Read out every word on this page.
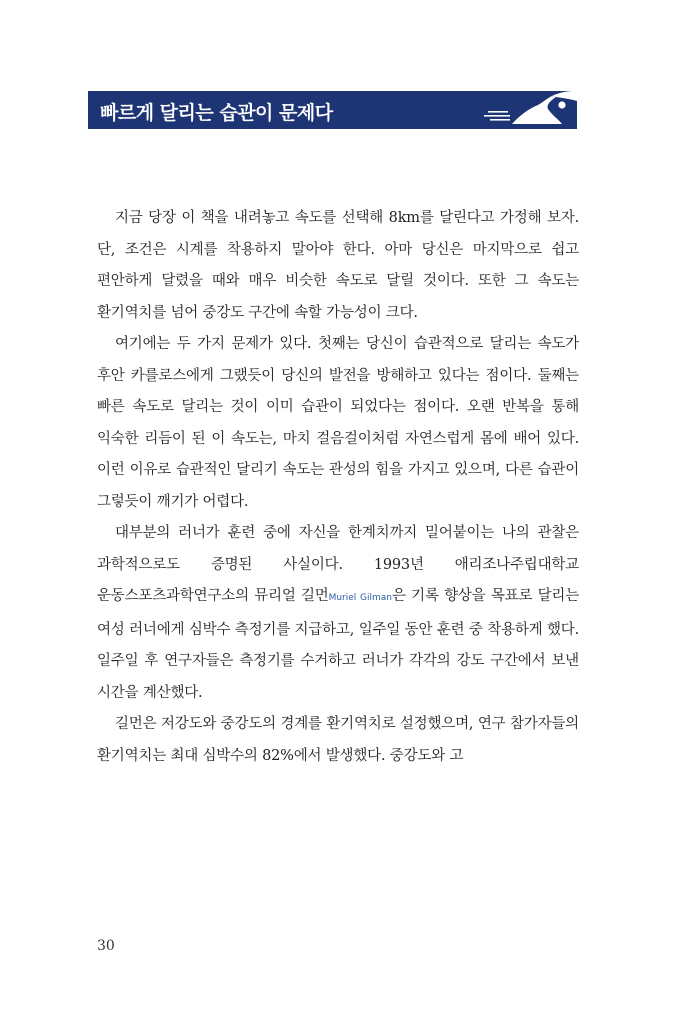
빠르게 달리는 습관이 문제다

지금 당장 이 책을 내려놓고 속도를 선택해 8km를 달린다고 가정해 보자. 단, 조건은 시계를 착용하지 말아야 한다. 아마 당신은 마지막으로 쉽고 편안하게 달렸을 때와 매우 비슷한 속도로 달릴 것이다. 또한 그 속도는 환기역치를 넘어 중강도 구간에 속할 가능성이 크다.

여기에는 두 가지 문제가 있다. 첫째는 당신이 습관적으로 달리는 속도가 후안 카를로스에게 그랬듯이 당신의 발전을 방해하고 있다는 점이다. 둘째는 빠른 속도로 달리는 것이 이미 습관이 되었다는 점이다. 오랜 반복을 통해 익숙한 리듬이 된 이 속도는, 마치 걸음걸이처럼 자연스럽게 몸에 배어 있다. 이런 이유로 습관적인 달리기 속도는 관성의 힘을 가지고 있으며, 다른 습관이 그렇듯이 깨기가 어렵다.

대부분의 러너가 훈련 중에 자신을 한계치까지 밀어붙이는 나의 관찰은 과학적으로도 증명된 사실이다. 1993년 애리조나주립대학교 운동스포츠과학연구소의 뮤리얼 길먼Muriel Gilman은 기록 향상을 목표로 달리는 여성 러너에게 심박수 측정기를 지급하고, 일주일 동안 훈련 중 착용하게 했다. 일주일 후 연구자들은 측정기를 수거하고 러너가 각각의 강도 구간에서 보낸 시간을 계산했다.

길먼은 저강도와 중강도의 경계를 환기역치로 설정했으며, 연구 참가자들의 환기역치는 최대 심박수의 82%에서 발생했다. 중강도와 고

30
